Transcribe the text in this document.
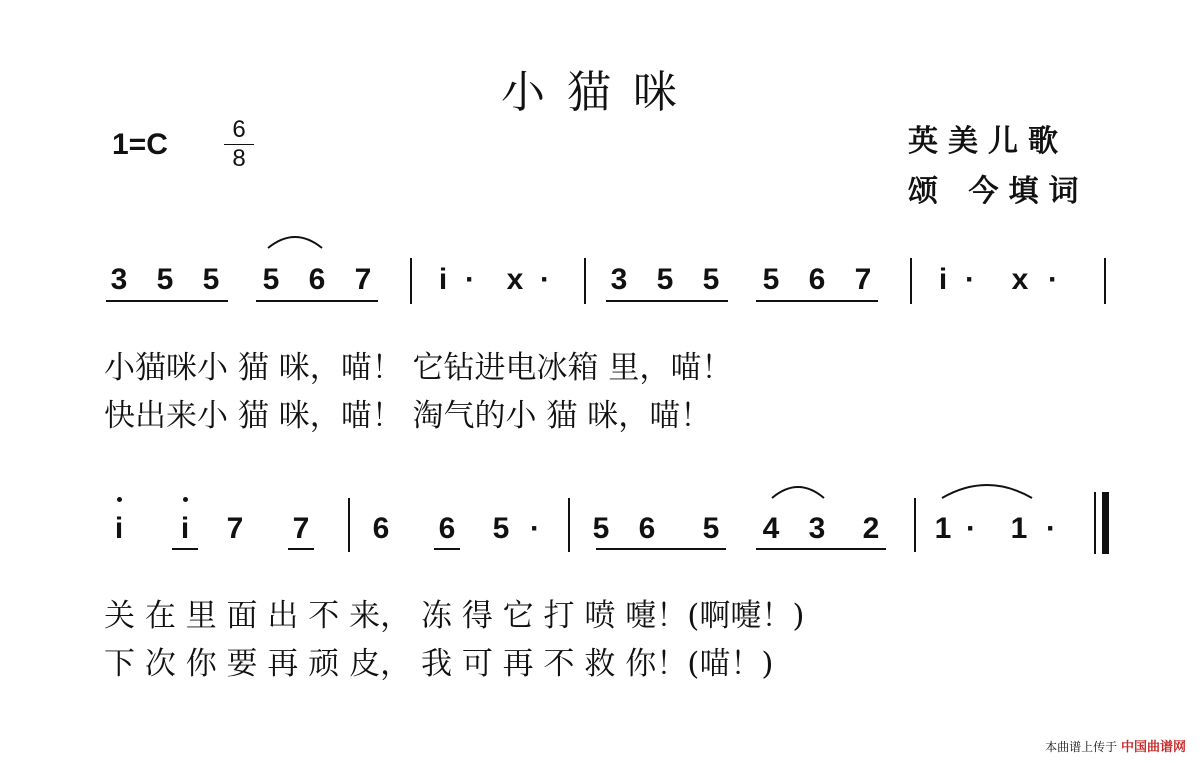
小猫咪
1=C	6
8	英美儿歌
颂 今填词
3 5 5 5 6 7	i ·	x ·	3 5 5 5 6 7	i ·	x ·
小猫咪小 猫 咪，喵！ 它钻进电冰箱 里，喵！
快出来小 猫 咪，喵！ 淘气的小 猫 咪，喵！
i	i	7 7 6 6 5 ·	5 6 5 4 3 2 1 ·	1 ·
关 在 里 面 出 不 来， 冻 得 它 打 喷 嚏！(啊嚏！)
下 次 你 要 再 顽 皮， 我 可 再 不 救 你！(喵！)
本曲谱上传于 中国曲谱网
